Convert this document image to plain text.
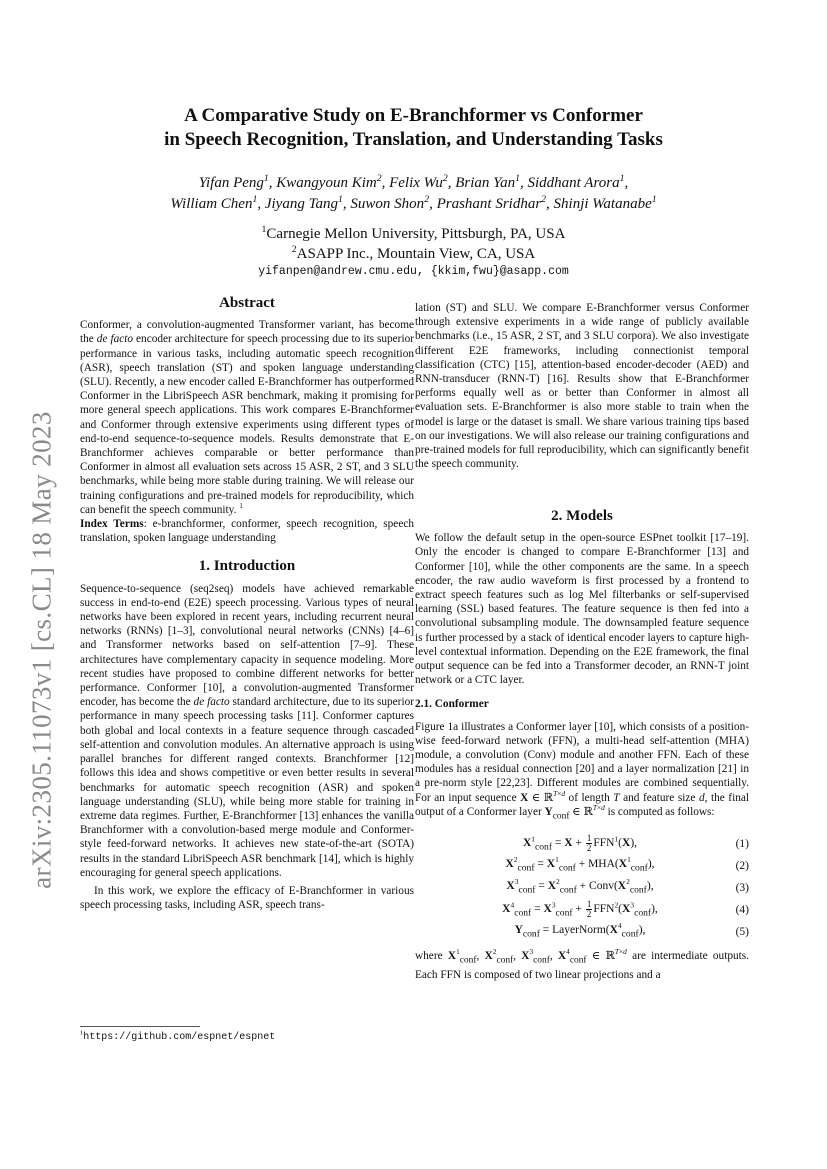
arXiv:2305.11073v1 [cs.CL] 18 May 2023
A Comparative Study on E-Branchformer vs Conformer
in Speech Recognition, Translation, and Understanding Tasks
Yifan Peng$^1$, Kwangyoun Kim$^2$, Felix Wu$^2$, Brian Yan$^1$, Siddhant Arora$^1$,
William Chen$^1$, Jiyang Tang$^1$, Suwon Shon$^2$, Prashant Sridhar$^2$, Shinji Watanabe$^1$
$^1$Carnegie Mellon University, Pittsburgh, PA, USA
$^2$ASAPP Inc., Mountain View, CA, USA
yifanpen@andrew.cmu.edu, {kkim,fwu}@asapp.com
Abstract

Conformer, a convolution-augmented Transformer variant, has become the de facto encoder architecture for speech processing due to its superior performance in various tasks, including automatic speech recognition (ASR), speech translation (ST) and spoken language understanding (SLU). Recently, a new encoder called E-Branchformer has outperformed Conformer in the LibriSpeech ASR benchmark, making it promising for more general speech applications. This work compares E-Branchformer and Conformer through extensive experiments using different types of end-to-end sequence-to-sequence models. Results demonstrate that E-Branchformer achieves comparable or better performance than Conformer in almost all evaluation sets across 15 ASR, 2 ST, and 3 SLU benchmarks, while being more stable during training. We will release our training configurations and pre-trained models for reproducibility, which can benefit the speech community. $^1$

Index Terms: e-branchformer, conformer, speech recognition, speech translation, spoken language understanding

1. Introduction

Sequence-to-sequence (seq2seq) models have achieved remarkable success in end-to-end (E2E) speech processing. Various types of neural networks have been explored in recent years, including recurrent neural networks (RNNs) [1–3], convolutional neural networks (CNNs) [4–6] and Transformer networks based on self-attention [7–9]. These architectures have complementary capacity in sequence modeling. More recent studies have proposed to combine different networks for better performance. Conformer [10], a convolution-augmented Transformer encoder, has become the de facto standard architecture, due to its superior performance in many speech processing tasks [11]. Conformer captures both global and local contexts in a feature sequence through cascaded self-attention and convolution modules. An alternative approach is using parallel branches for different ranged contexts. Branchformer [12] follows this idea and shows competitive or even better results in several benchmarks for automatic speech recognition (ASR) and spoken language understanding (SLU), while being more stable for training in extreme data regimes. Further, E-Branchformer [13] enhances the vanilla Branchformer with a convolution-based merge module and Conformer-style feed-forward networks. It achieves new state-of-the-art (SOTA) results in the standard LibriSpeech ASR benchmark [14], which is highly encouraging for general speech applications.

In this work, we explore the efficacy of E-Branchformer in various speech processing tasks, including ASR, speech trans-

$^1$https://github.com/espnet/espnet
2. Models

We follow the default setup in the open-source ESPnet toolkit [17–19]. Only the encoder is changed to compare E-Branchformer [13] and Conformer [10], while the other components are the same. In a speech encoder, the raw audio waveform is first processed by a frontend to extract speech features such as log Mel filterbanks or self-supervised learning (SSL) based features. The feature sequence is then fed into a convolutional subsampling module. The downsampled feature sequence is further processed by a stack of identical encoder layers to capture high-level contextual information. Depending on the E2E framework, the final output sequence can be fed into a Transformer decoder, an RNN-T joint network or a CTC layer.

2.1. Conformer

Figure 1a illustrates a Conformer layer [10], which consists of a position-wise feed-forward network (FFN), a multi-head self-attention (MHA) module, a convolution (Conv) module and another FFN. Each of these modules has a residual connection [20] and a layer normalization [21] in a pre-norm style [22,23]. Different modules are combined sequentially. For an input sequence X ∈ ℝ$^{T\times d}$ of length T and feature size d, the final output of a Conformer layer $Y_{conf}$ ∈ ℝ$^{T\times d}$ is computed as follows:

$X^1_{conf} = X + \frac{1}{2} FFN^1(X)$,	(1)
$X^2_{conf} = X^1_{conf} + MHA(X^1_{conf})$,	(2)
$X^3_{conf} = X^2_{conf}$ + $Conv(X^2_{conf})$,	(3)
$X^4_{conf} = X^3_{conf} + \frac{1}{2} FFN^2(X^3_{conf})$,	(4)
$Y_{conf}$ = $LayerNorm(X^4_{conf})$,	(5)

where $X^1_{conf}$, $X^2_{conf}$, $X^3_{conf}$, $X^4_{conf}$ ∈ ℝ$^{T\times d}$ are intermediate outputs. Each FFN is composed of two linear projections and a

lation (ST) and SLU. We compare E-Branchformer versus Conformer through extensive experiments in a wide range of publicly available benchmarks (i.e., 15 ASR, 2 ST, and 3 SLU corpora). We also investigate different E2E frameworks, including connectionist temporal classification (CTC) [15], attention-based encoder-decoder (AED) and RNN-transducer (RNN-T) [16]. Results show that E-Branchformer performs equally well as or better than Conformer in almost all evaluation sets. E-Branchformer is also more stable to train when the model is large or the dataset is small. We share various training tips based on our investigations. We will also release our training configurations and pre-trained models for full reproducibility, which can significantly benefit the speech community.
